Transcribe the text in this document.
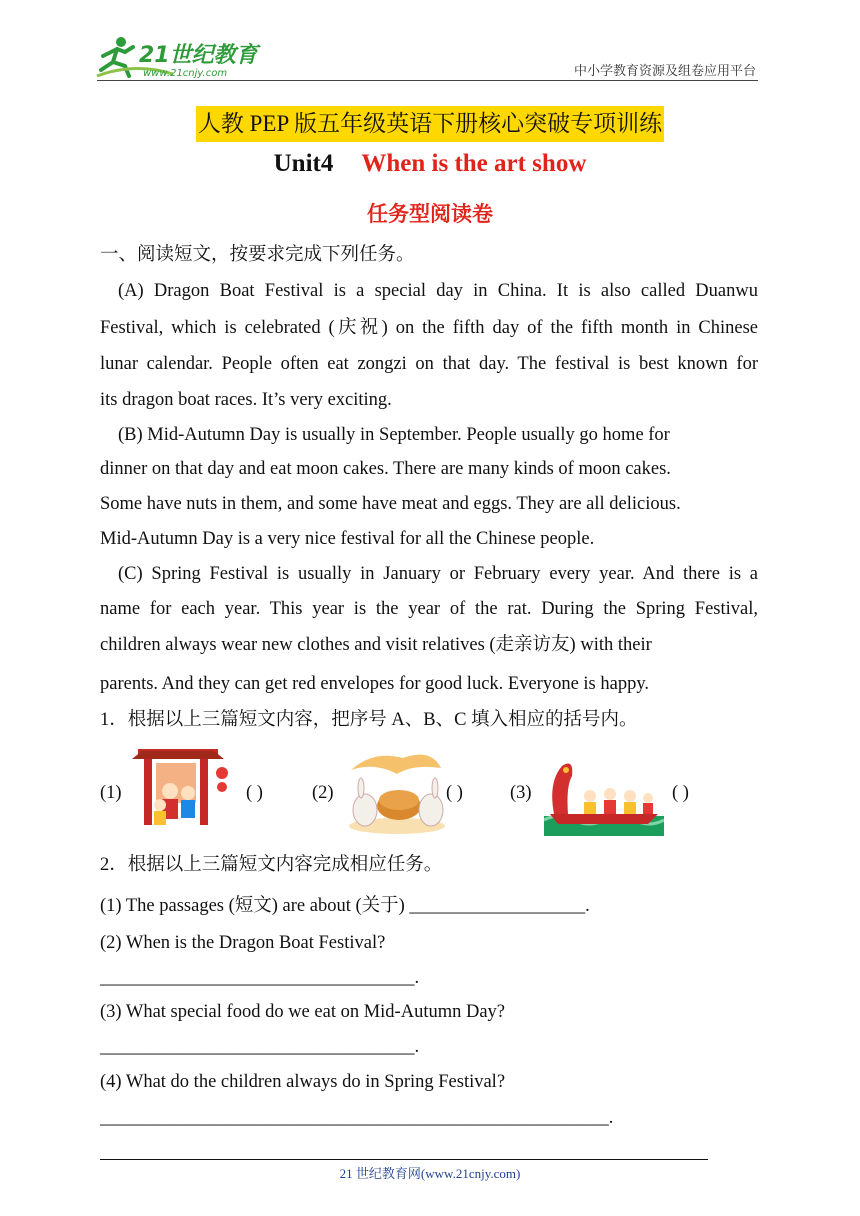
21世纪教育
www.21cnjy.com	中小学教育资源及组卷应用平台
人教 PEP 版五年级英语下册核心突破专项训练
Unit4 When is the art show
任务型阅读卷
一、阅读短文，按要求完成下列任务。
(A) Dragon Boat Festival is a special day in China. It is also called Duanwu
Festival, which is celebrated (庆祝) on the fifth day of the fifth month in Chinese
lunar calendar. People often eat zongzi on that day. The festival is best known for
its dragon boat races. It’s very exciting.
(B) Mid-Autumn Day is usually in September. People usually go home for
dinner on that day and eat moon cakes. There are many kinds of moon cakes.
Some have nuts in them, and some have meat and eggs. They are all delicious.
Mid-Autumn Day is a very nice festival for all the Chinese people.
(C) Spring Festival is usually in January or February every year. And there is a
name for each year. This year is the year of the rat. During the Spring Festival,
children always wear new clothes and visit relatives (走亲访友) with their
parents. And they can get red envelopes for good luck. Everyone is happy.
1．根据以上三篇短文内容，把序号 A、B、C 填入相应的括号内。
(1)	( )	(2)	( )	(3)	( )
2．根据以上三篇短文内容完成相应任务。
(1) The passages (短文) are about (关于) ___________________.
(2) When is the Dragon Boat Festival?
__________________________________.
(3) What special food do we eat on Mid-Autumn Day?
__________________________________.
(4) What do the children always do in Spring Festival?
_______________________________________________________.
21 世纪教育网(www.21cnjy.com)
